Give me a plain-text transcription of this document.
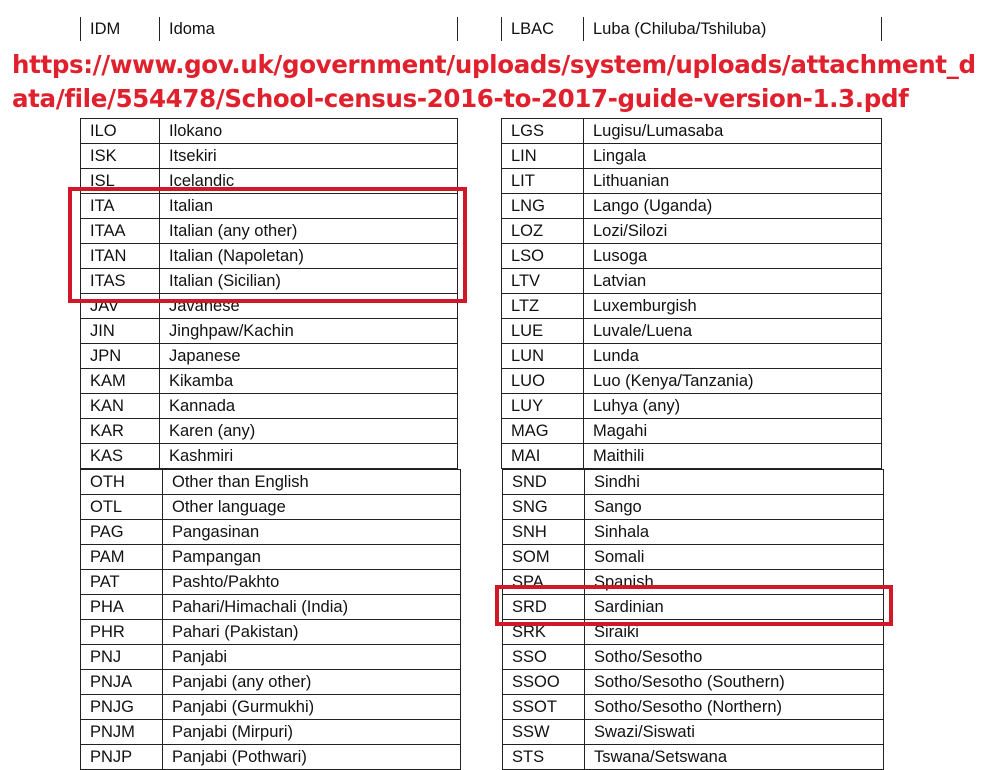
IDM	Idoma	LBAC	Luba (Chiluba/Tshiluba)
https://www.gov.uk/government/uploads/system/uploads/attachment_data/file/554478/School-census-2016-to-2017-guide-version-1.3.pdf
ILO	Ilokano
ISK	Itsekiri
ISL	Icelandic
ITA	Italian
ITAA	Italian (any other)
ITAN	Italian (Napoletan)
ITAS	Italian (Sicilian)
JAV	Javanese
JIN	Jinghpaw/Kachin
JPN	Japanese
KAM	Kikamba
KAN	Kannada
KAR	Karen (any)
KAS	Kashmiri
LGS	Lugisu/Lumasaba
LIN	Lingala
LIT	Lithuanian
LNG	Lango (Uganda)
LOZ	Lozi/Silozi
LSO	Lusoga
LTV	Latvian
LTZ	Luxemburgish
LUE	Luvale/Luena
LUN	Lunda
LUO	Luo (Kenya/Tanzania)
LUY	Luhya (any)
MAG	Magahi
MAI	Maithili
OTH	Other than English
OTL	Other language
PAG	Pangasinan
PAM	Pampangan
PAT	Pashto/Pakhto
PHA	Pahari/Himachali (India)
PHR	Pahari (Pakistan)
PNJ	Panjabi
PNJA	Panjabi (any other)
PNJG	Panjabi (Gurmukhi)
PNJM	Panjabi (Mirpuri)
PNJP	Panjabi (Pothwari)
SND	Sindhi
SNG	Sango
SNH	Sinhala
SOM	Somali
SPA	Spanish
SRD	Sardinian
SRK	Siraiki
SSO	Sotho/Sesotho
SSOO	Sotho/Sesotho (Southern)
SSOT	Sotho/Sesotho (Northern)
SSW	Swazi/Siswati
STS	Tswana/Setswana
